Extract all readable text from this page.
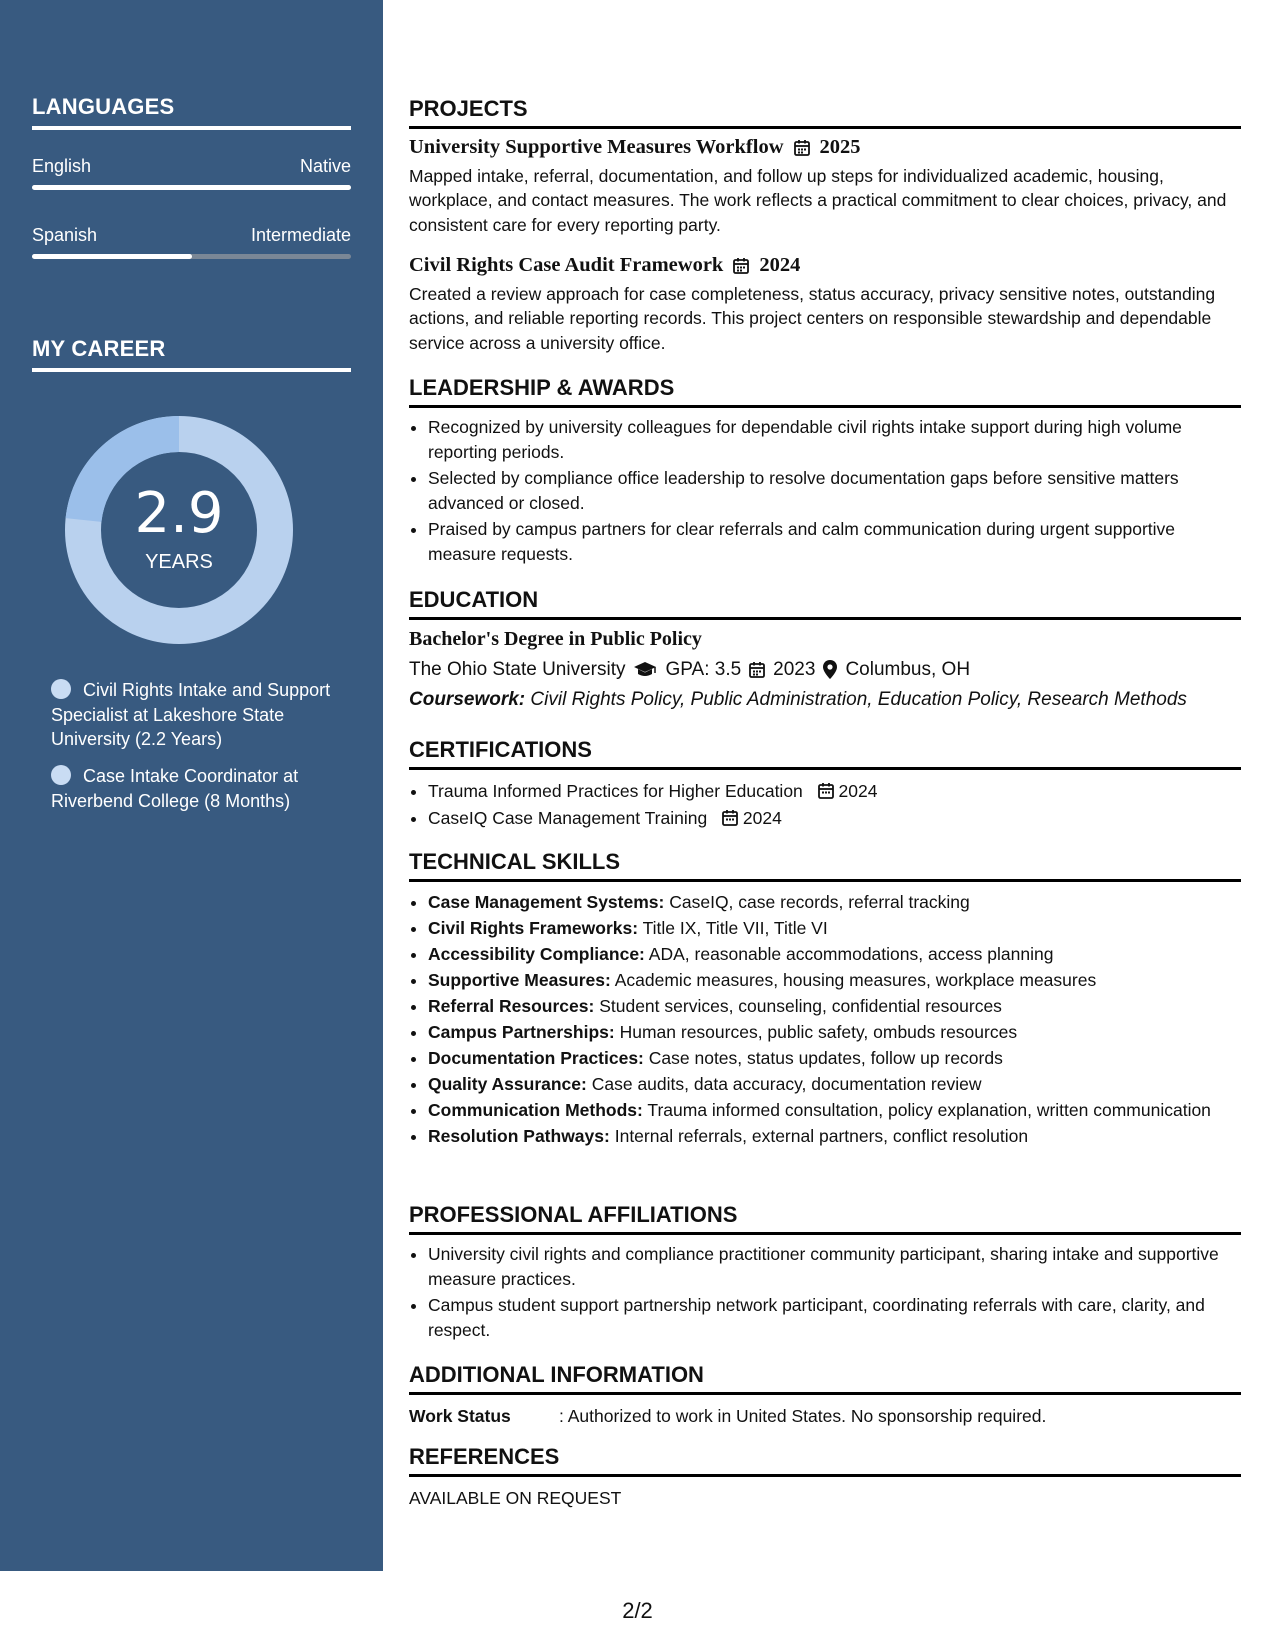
LANGUAGES
English	Native
Spanish	Intermediate
MY CAREER
2.9
YEARS
Civil Rights Intake and Support Specialist at Lakeshore State University (2.2 Years)
Case Intake Coordinator at Riverbend College (8 Months)
PROJECTS
University Supportive Measures Workflow 2025
Mapped intake, referral, documentation, and follow up steps for individualized academic, housing, workplace, and contact measures. The work reflects a practical commitment to clear choices, privacy, and consistent care for every reporting party.
Civil Rights Case Audit Framework 2024
Created a review approach for case completeness, status accuracy, privacy sensitive notes, outstanding actions, and reliable reporting records. This project centers on responsible stewardship and dependable service across a university office.
LEADERSHIP & AWARDS
• Recognized by university colleagues for dependable civil rights intake support during high volume reporting periods.
• Selected by compliance office leadership to resolve documentation gaps before sensitive matters advanced or closed.
• Praised by campus partners for clear referrals and calm communication during urgent supportive measure requests.
EDUCATION
Bachelor's Degree in Public Policy
The Ohio State University GPA: 3.5 2023 Columbus, OH
Coursework: Civil Rights Policy, Public Administration, Education Policy, Research Methods
CERTIFICATIONS
• Trauma Informed Practices for Higher Education 2024
• CaseIQ Case Management Training 2024
TECHNICAL SKILLS
• Case Management Systems: CaseIQ, case records, referral tracking
• Civil Rights Frameworks: Title IX, Title VII, Title VI
• Accessibility Compliance: ADA, reasonable accommodations, access planning
• Supportive Measures: Academic measures, housing measures, workplace measures
• Referral Resources: Student services, counseling, confidential resources
• Campus Partnerships: Human resources, public safety, ombuds resources
• Documentation Practices: Case notes, status updates, follow up records
• Quality Assurance: Case audits, data accuracy, documentation review
• Communication Methods: Trauma informed consultation, policy explanation, written communication
• Resolution Pathways: Internal referrals, external partners, conflict resolution
PROFESSIONAL AFFILIATIONS
• University civil rights and compliance practitioner community participant, sharing intake and supportive measure practices.
• Campus student support partnership network participant, coordinating referrals with care, clarity, and respect.
ADDITIONAL INFORMATION
Work Status	: Authorized to work in United States. No sponsorship required.
REFERENCES
AVAILABLE ON REQUEST
2/2
